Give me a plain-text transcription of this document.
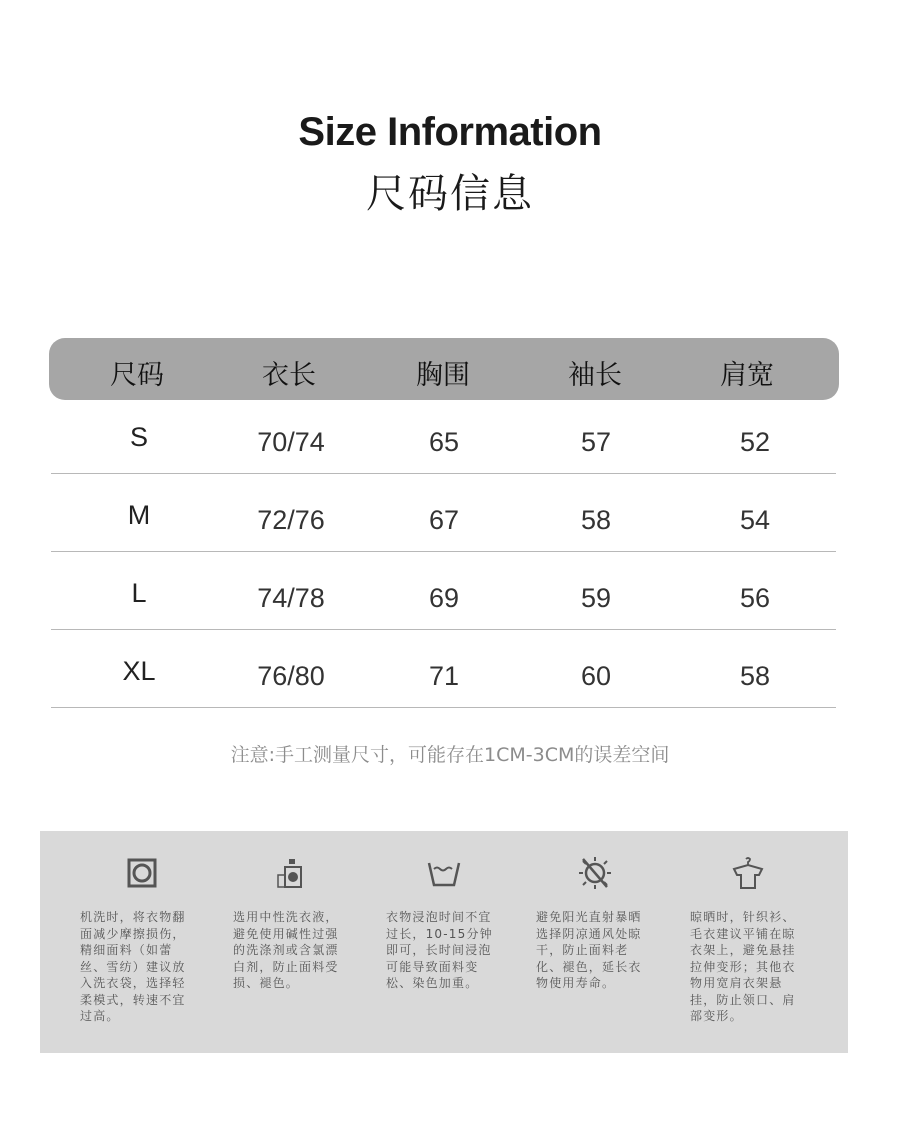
Size Information
尺码信息
尺码	衣长	胸围	袖长	肩宽
S	70/74	65	57	52
M	72/76	67	58	54
L	74/78	69	59	56
XL	76/80	71	60	58
注意:手工测量尺寸，可能存在1CM-3CM的误差空间
机洗时，将衣物翻面减少摩擦损伤，精细面料（如蕾丝、雪纺）建议放入洗衣袋，选择轻柔模式，转速不宜过高。
选用中性洗衣液，避免使用碱性过强的洗涤剂或含氯漂白剂，防止面料受损、褪色。
衣物浸泡时间不宜过长，10-15分钟即可，长时间浸泡可能导致面料变松、染色加重。
避免阳光直射暴晒选择阴凉通风处晾干，防止面料老化、褪色，延长衣物使用寿命。
晾晒时，针织衫、毛衣建议平铺在晾衣架上，避免悬挂拉伸变形；其他衣物用宽肩衣架悬挂，防止领口、肩部变形。
